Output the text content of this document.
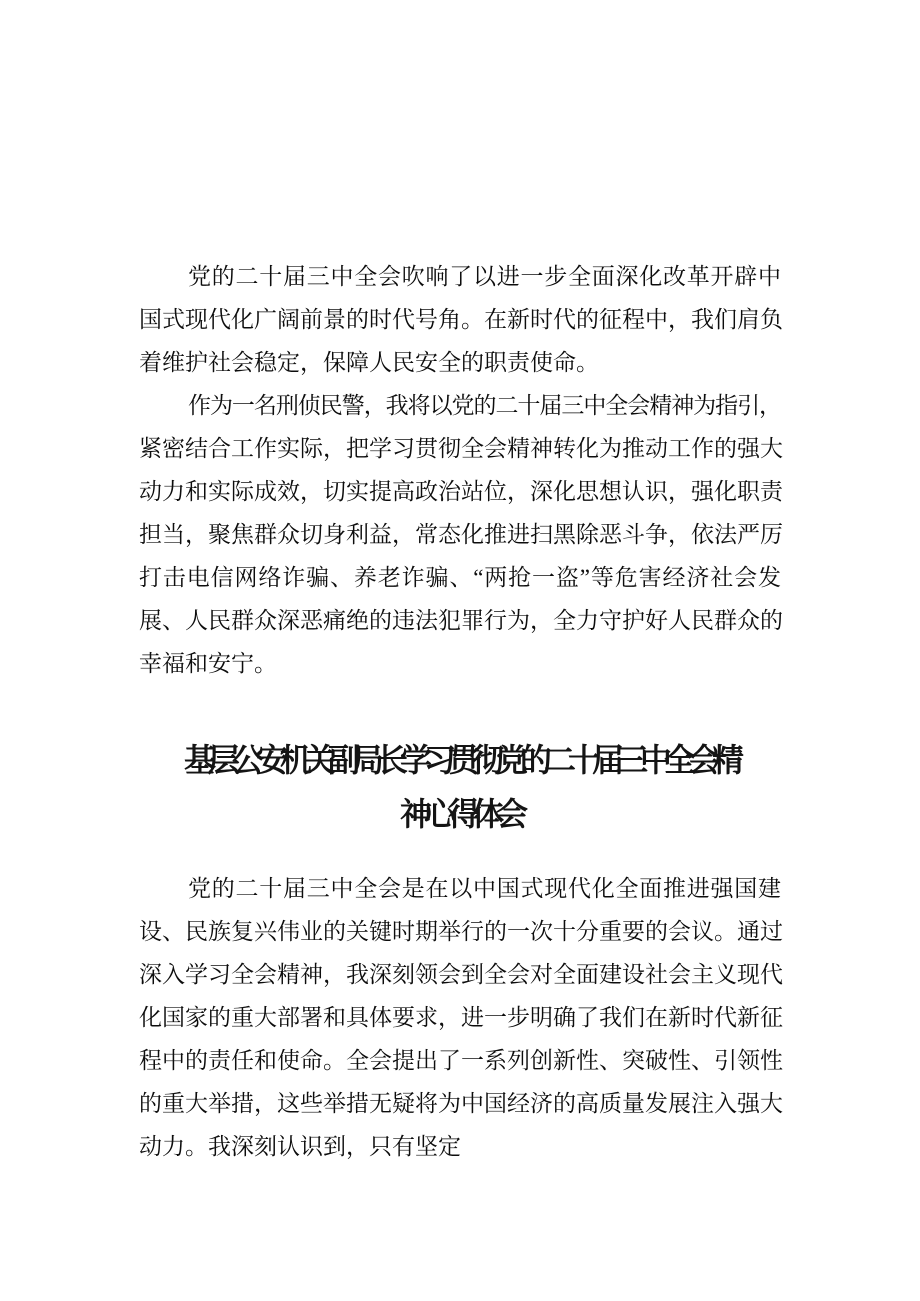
党的二十届三中全会吹响了以进一步全面深化改革开辟中
国式现代化广阔前景的时代号角。在新时代的征程中，我们肩负
着维护社会稳定，保障人民安全的职责使命。
作为一名刑侦民警，我将以党的二十届三中全会精神为指引，
紧密结合工作实际，把学习贯彻全会精神转化为推动工作的强大
动力和实际成效，切实提高政治站位，深化思想认识，强化职责
担当，聚焦群众切身利益，常态化推进扫黑除恶斗争，依法严厉
打击电信网络诈骗、养老诈骗、“两抢一盗”等危害经济社会发
展、人民群众深恶痛绝的违法犯罪行为，全力守护好人民群众的
幸福和安宁。
基层公安机关副局长学习贯彻党的二十届三中全会精
神心得体会
党的二十届三中全会是在以中国式现代化全面推进强国建
设、民族复兴伟业的关键时期举行的一次十分重要的会议。通过
深入学习全会精神，我深刻领会到全会对全面建设社会主义现代
化国家的重大部署和具体要求，进一步明确了我们在新时代新征
程中的责任和使命。全会提出了一系列创新性、突破性、引领性
的重大举措，这些举措无疑将为中国经济的高质量发展注入强大
动力。我深刻认识到，只有坚定
